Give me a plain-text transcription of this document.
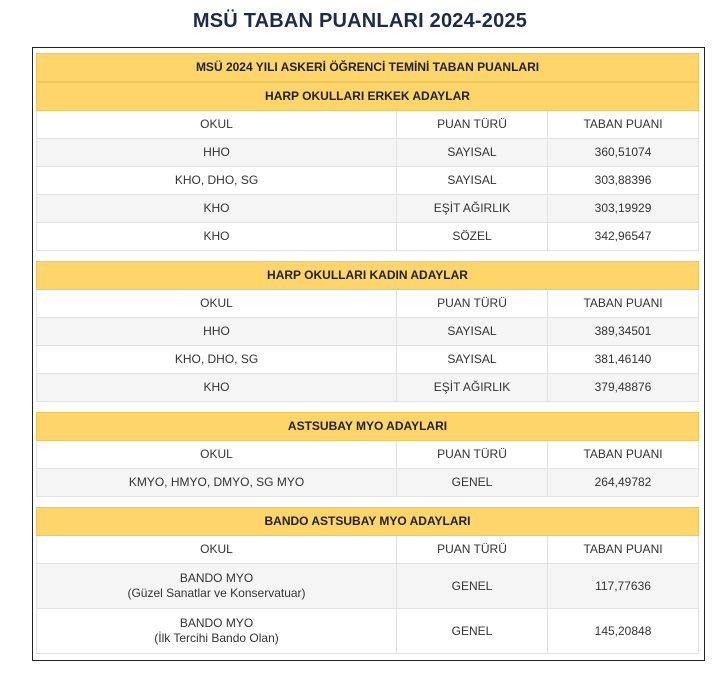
MSÜ TABAN PUANLARI 2024-2025
MSÜ 2024 YILI ASKERİ ÖĞRENCİ TEMİNİ TABAN PUANLARI
HARP OKULLARI ERKEK ADAYLAR		
OKUL	PUAN TÜRÜ	TABAN PUANI

HHO	SAYISAL	360,51074

KHO, DHO, SG	SAYISAL	303,88396

KHO	EŞİT AĞIRLIK	303,19929

KHO	SÖZEL	342,96547
HARP OKULLARI KADIN ADAYLAR		
OKUL	PUAN TÜRÜ	TABAN PUANI

HHO	SAYISAL	389,34501

KHO, DHO, SG	SAYISAL	381,46140

KHO	EŞİT AĞIRLIK	379,48876
ASTSUBAY MYO ADAYLARI		
OKUL	PUAN TÜRÜ	TABAN PUANI

KMYO, HMYO, DMYO, SG MYO	GENEL	264,49782
BANDO ASTSUBAY MYO ADAYLARI		
OKUL	PUAN TÜRÜ	TABAN PUANI

BANDO MYO
(Güzel Sanatlar ve Konservatuar)	GENEL	117,77636

BANDO MYO
(İlk Tercihi Bando Olan)	GENEL	145,20848
